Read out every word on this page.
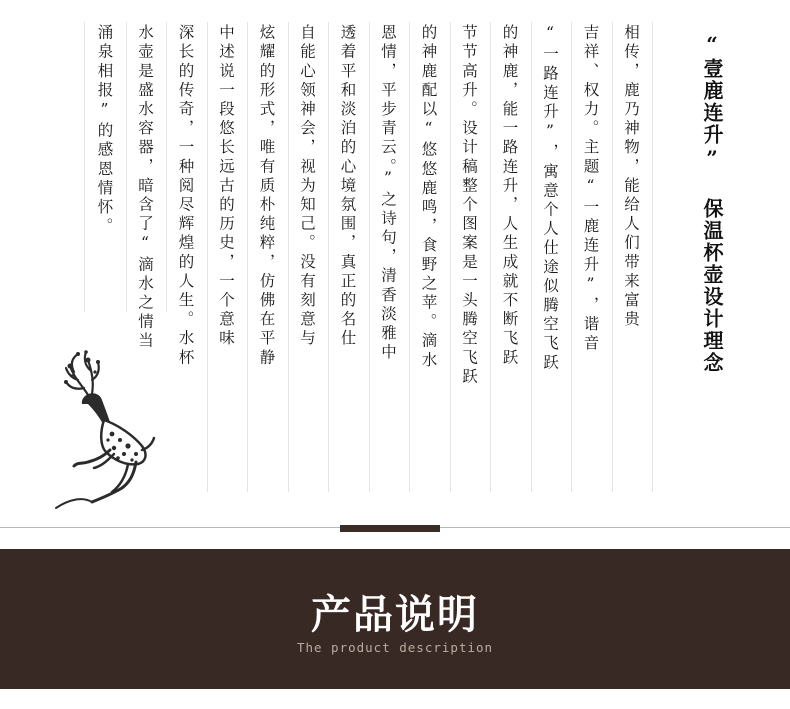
“壹鹿连升” 保温杯壶设计理念
相传，鹿乃神物，能给人们带来富贵
吉祥、权力。主题“一鹿连升”，谐音
“一路连升”，寓意个人仕途似腾空飞跃
的神鹿，能一路连升，人生成就不断飞跃
节节高升。设计稿整个图案是一头腾空飞跃
的神鹿配以“悠悠鹿鸣，食野之苹。滴水
恩情，平步青云。”之诗句，清香淡雅中
透着平和淡泊的心境氛围，真正的名仕
自能心领神会，视为知己。没有刻意与
炫耀的形式，唯有质朴纯粹，仿佛在平静
中述说一段悠长远古的历史，一个意味
深长的传奇，一种阅尽辉煌的人生。水杯
水壶是盛水容器，暗含了“滴水之情当
涌泉相报”的感恩情怀。
产品说明
The product description
